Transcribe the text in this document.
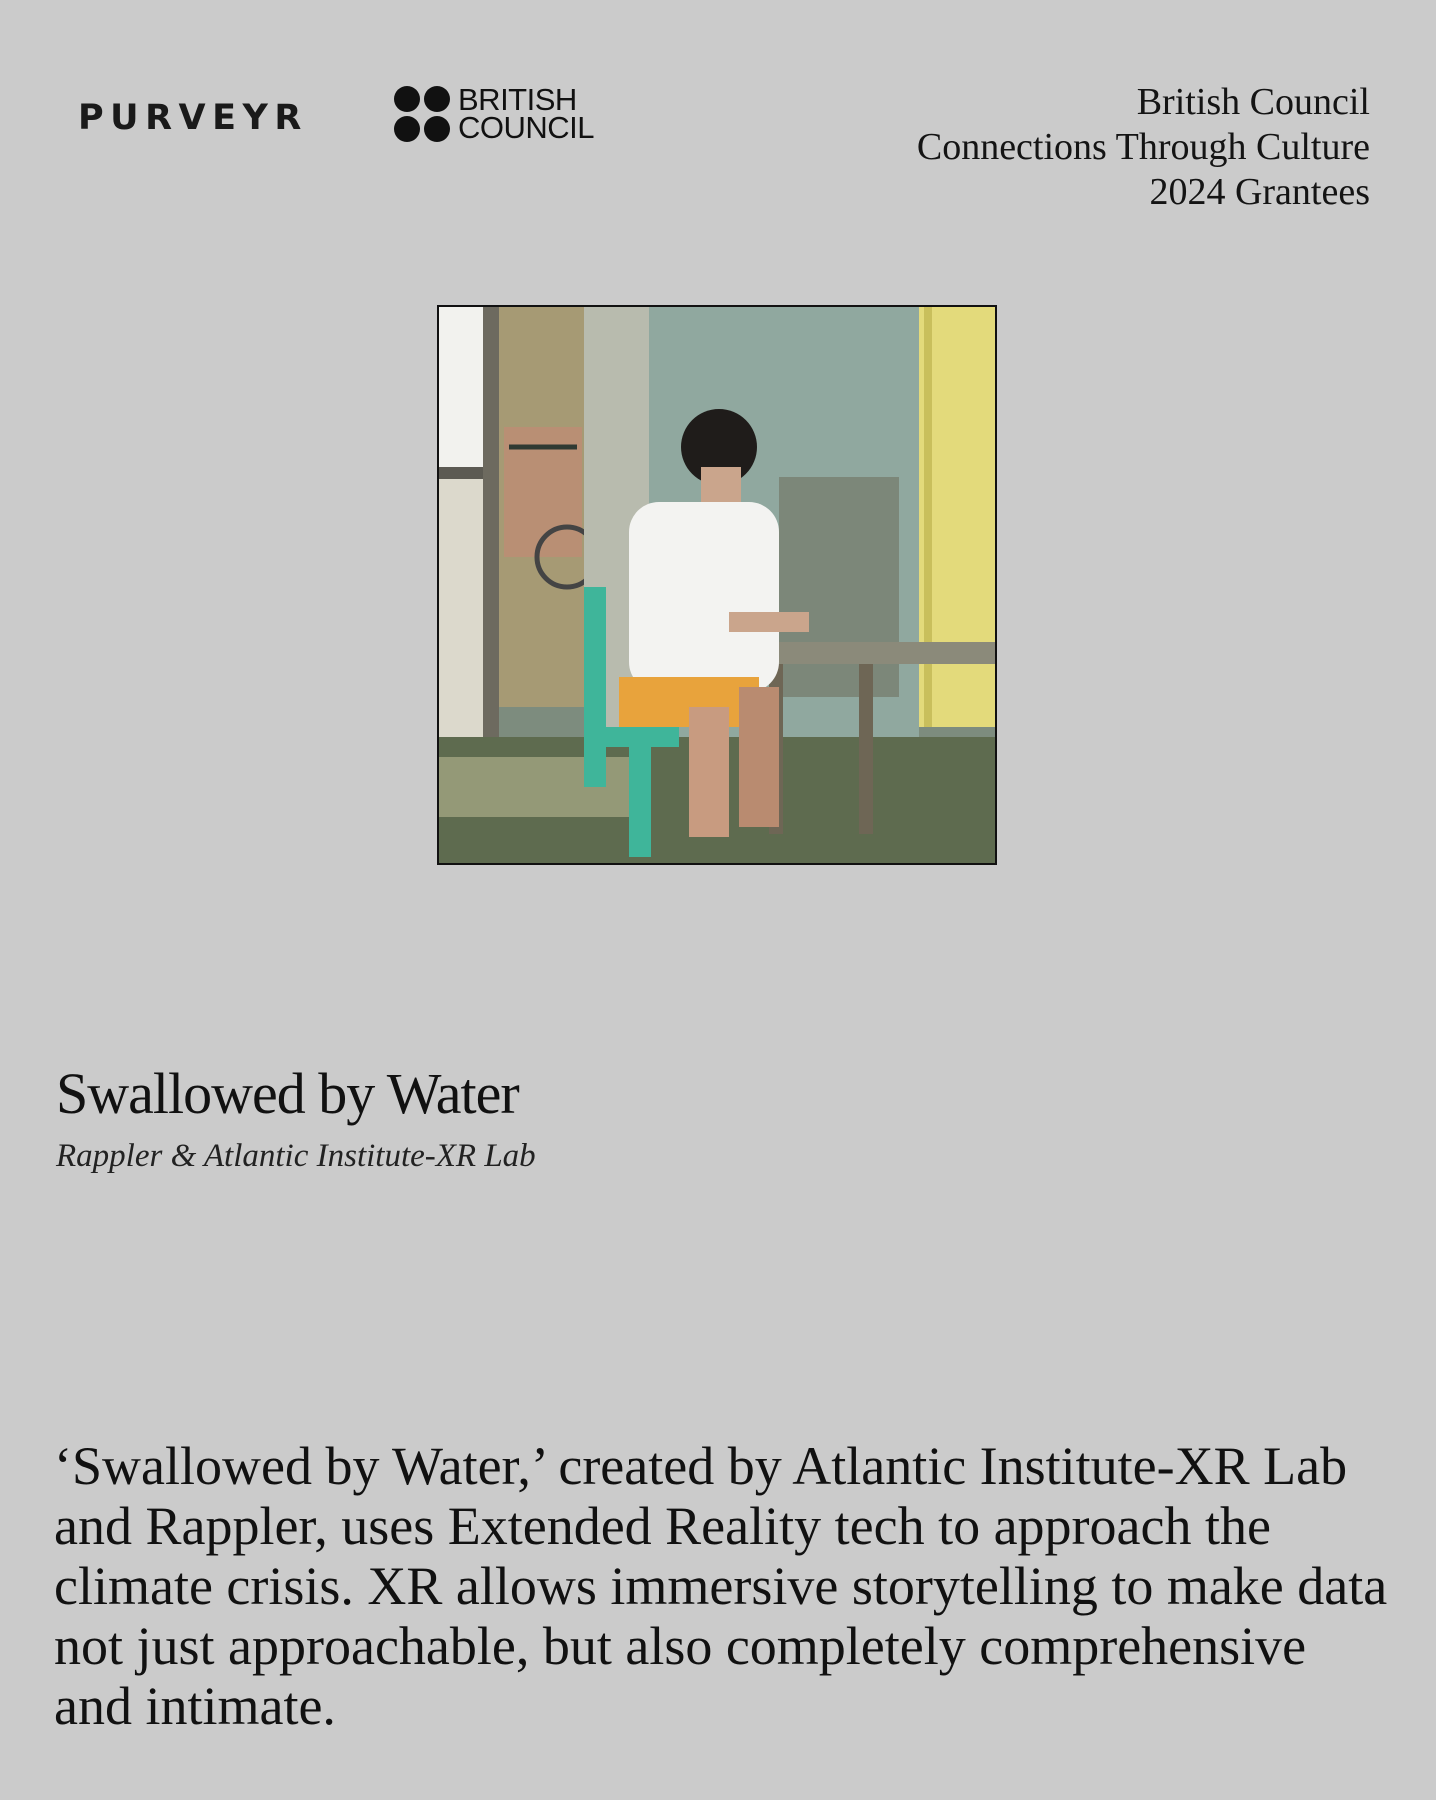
PURVEYR	BRITISH
COUNCIL
British Council
Connections Through Culture
2024 Grantees
Swallowed by Water
Rappler & Atlantic Institute-XR Lab
‘Swallowed by Water,’ created by Atlantic Institute-XR Lab and Rappler, uses Extended Reality tech to approach the climate crisis. XR allows immersive storytelling to make data not just approachable, but also completely comprehensive and intimate.
